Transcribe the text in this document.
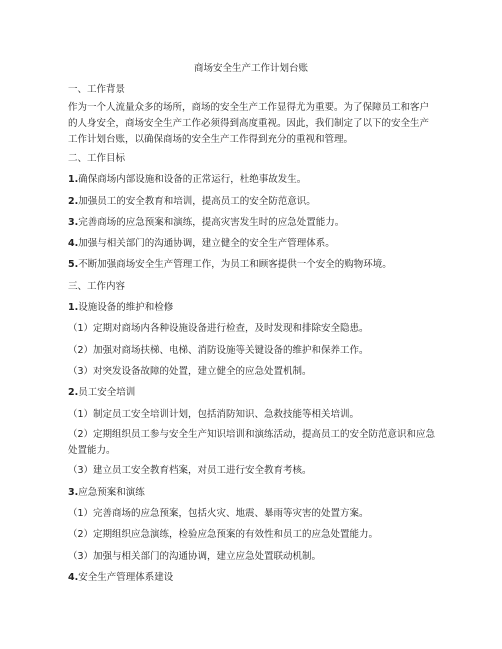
商场安全生产工作计划台账
一、工作背景
作为一个人流量众多的场所，商场的安全生产工作显得尤为重要。为了保障员工和客户的人身安全，商场安全生产工作必须得到高度重视。因此，我们制定了以下的安全生产工作计划台账，以确保商场的安全生产工作得到充分的重视和管理。
二、工作目标
1.确保商场内部设施和设备的正常运行，杜绝事故发生。
2.加强员工的安全教育和培训，提高员工的安全防范意识。
3.完善商场的应急预案和演练，提高灾害发生时的应急处置能力。
4.加强与相关部门的沟通协调，建立健全的安全生产管理体系。
5.不断加强商场安全生产管理工作，为员工和顾客提供一个安全的购物环境。
三、工作内容
1.设施设备的维护和检修
（1）定期对商场内各种设施设备进行检查，及时发现和排除安全隐患。
（2）加强对商场扶梯、电梯、消防设施等关键设备的维护和保养工作。
（3）对突发设备故障的处置，建立健全的应急处置机制。
2.员工安全培训
（1）制定员工安全培训计划，包括消防知识、急救技能等相关培训。
（2）定期组织员工参与安全生产知识培训和演练活动，提高员工的安全防范意识和应急处置能力。
（3）建立员工安全教育档案，对员工进行安全教育考核。
3.应急预案和演练
（1）完善商场的应急预案，包括火灾、地震、暴雨等灾害的处置方案。
（2）定期组织应急演练，检验应急预案的有效性和员工的应急处置能力。
（3）加强与相关部门的沟通协调，建立应急处置联动机制。
4.安全生产管理体系建设
